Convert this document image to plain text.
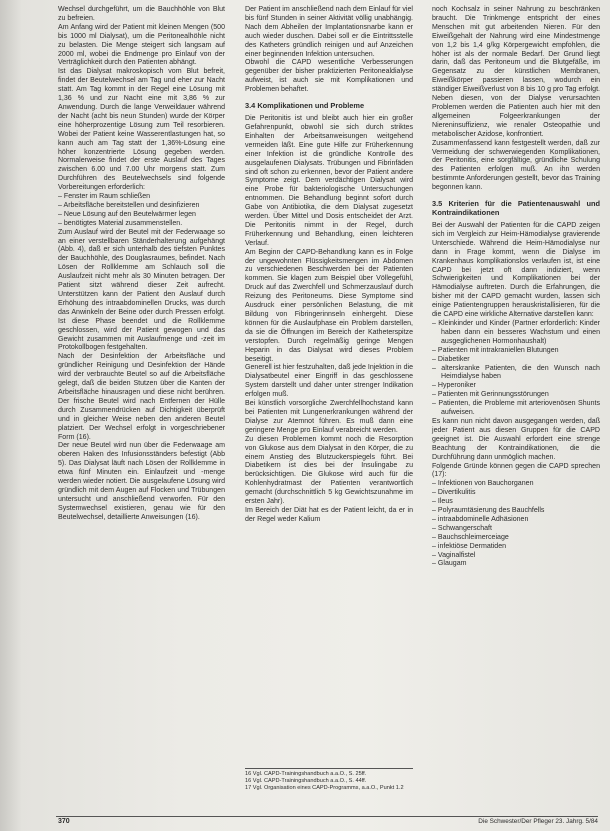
Wechsel durchgeführt, um die Bauchhöhle von Blut zu befreien.

Am Anfang wird der Patient mit kleinen Mengen (500 bis 1000 ml Dialysat), um die Peritonealhöhle nicht zu belasten. Die Menge steigert sich langsam auf 2000 ml, wobei die Endmenge pro Einlauf von der Verträglichkeit durch den Patienten abhängt.

Ist das Dialysat makroskopisch vom Blut befreit, findet der Beutelwechsel am Tag und eher zur Nacht statt. Am Tag kommt in der Regel eine Lösung mit 1,36 % und zur Nacht eine mit 3,86 % zur Anwendung. Durch die lange Verweildauer während der Nacht (acht bis neun Stunden) wurde der Körper eine höherprozentige Lösung zum Teil resorbieren. Wobei der Patient keine Wasserentlastungen hat, so kann auch am Tag statt der 1,36%-Lösung eine höher konzentrierte Lösung gegeben werden. Normalerweise findet der erste Auslauf des Tages zwischen 6.00 und 7.00 Uhr morgens statt. Zum Durchführen des Beutelwechsels sind folgende Vorbereitungen erforderlich:

– Fenster im Raum schließen
– Arbeitsfläche bereitstellen und desinfizieren
– Neue Lösung auf den Beutelwärmer legen
– benötigtes Material zusammenstellen.

Zum Auslauf wird der Beutel mit der Federwaage so an einer verstellbaren Ständerhalterung aufgehängt (Abb. 4), daß er sich unterhalb des tiefsten Punktes der Bauchhöhle, des Douglasraumes, befindet. Nach Lösen der Rollklemme am Schlauch soll die Auslaufzeit nicht mehr als 30 Minuten betragen. Der Patient sitzt während dieser Zeit aufrecht. Unterstützen kann der Patient den Auslauf durch Erhöhung des intraabdominellen Drucks, was durch das Anwinkeln der Beine oder durch Pressen erfolgt. Ist diese Phase beendet und die Rollklemme geschlossen, wird der Patient gewogen und das Gewicht zusammen mit Auslaufmenge und -zeit im Protokollbogen festgehalten.

Nach der Desinfektion der Arbeitsfläche und gründlicher Reinigung und Desinfektion der Hände wird der verbrauchte Beutel so auf die Arbeitsfläche gelegt, daß die beiden Stutzen über die Kanten der Arbeitsfläche hinausragen und diese nicht berühren. Der frische Beutel wird nach Entfernen der Hülle durch Zusammendrücken auf Dichtigkeit überprüft und in gleicher Weise neben den anderen Beutel platziert. Der Wechsel erfolgt in vorgeschriebener Form (16).

Der neue Beutel wird nun über die Federwaage am oberen Haken des Infusionsständers befestigt (Abb 5). Das Dialysat läuft nach Lösen der Rollklemme in etwa fünf Minuten ein. Einlaufzeit und -menge werden wieder notiert. Die ausgelaufene Lösung wird gründlich mit dem Augen auf Flocken und Trübungen untersucht und anschließend verworfen. Für den Systemwechsel existieren, genau wie für den Beutelwechsel, detaillierte Anweisungen (16).

Der Patient im anschließend nach dem Einlauf für viel bis fünf Stunden in seiner Aktivität völlig unabhängig. Nach dem Abheilen der Implantationsnarbe kann er auch wieder duschen. Dabei soll er die Eintrittsstelle des Katheters gründlich reinigen und auf Anzeichen einer beginnenden Infektion untersuchen.

Obwohl die CAPD wesentliche Verbesserungen gegenüber der bisher praktizierten Peritonealdialyse aufweist, ist auch sie mit Komplikationen und Problemen behaftet.

3.4 Komplikationen und Probleme

Die Peritonitis ist und bleibt auch hier ein großer Gefahrenpunkt, obwohl sie sich durch striktes Einhalten der Arbeitsanweisungen weitgehend vermeiden läßt. Eine gute Hilfe zur Früherkennung einer Infektion ist die gründliche Kontrolle des ausgelaufenen Dialysats. Trübungen und Fibrinfäden sind oft schon zu erkennen, bevor der Patient andere Symptome zeigt. Dem verdächtigen Dialysat wird eine Probe für bakteriologische Untersuchungen entnommen. Die Behandlung beginnt sofort durch Gabe von Antibiotika, die dem Dialysat zugesetzt werden. Über Mittel und Dosis entscheidet der Arzt. Die Peritonitis nimmt in der Regel, durch Früherkennung und Behandlung, einen leichteren Verlauf.

Am Beginn der CAPD-Behandlung kann es in Folge der ungewohnten Flüssigkeitsmengen im Abdomen zu verschiedenen Beschwerden bei der Patienten kommen. Sie klagen zum Beispiel über Völlegefühl, Druck auf das Zwerchfell und Schmerzauslauf durch Reizung des Peritoneums. Diese Symptome sind Ausdruck einer persönlichen Belastung, die mit Bildung von Fibringerinnseln einhergeht. Diese können für die Auslaufphase ein Problem darstellen, da sie die Öffnungen im Bereich der Katheterspitze verstopfen. Durch regelmäßig geringe Mengen Heparin in das Dialysat wird dieses Problem beseitigt.

Generell ist hier festzuhalten, daß jede Injektion in die Dialysatbeutel einer Eingriff in das geschlossene System darstellt und daher unter strenger Indikation erfolgen muß.

Bei künstlich vorsorgliche Zwerchfellhochstand kann bei Patienten mit Lungenerkrankungen während der Dialyse zur Atemnot führen. Es muß dann eine geringere Menge pro Einlauf verabreicht werden.

Zu diesen Problemen kommt noch die Resorption von Glukose aus dem Dialysat in den Körper, die zu einem Anstieg des Blutzuckerspiegels führt. Bei Diabetikern ist dies bei der Insulingabe zu berücksichtigen. Die Glukose wird auch für die Kohlenhydratmast der Patienten verantwortlich gemacht (durchschnittlich 5 kg Gewichtszunahme im ersten Jahr).

Im Bereich der Diät hat es der Patient leicht, da er in der Regel weder Kalium

noch Kochsalz in seiner Nahrung zu beschränken braucht. Die Trinkmenge entspricht der eines Menschen mit gut arbeitenden Nieren. Für den Eiweißgehalt der Nahrung wird eine Mindestmenge von 1,2 bis 1,4 g/kg Körpergewicht empfohlen, die höher ist als der normale Bedarf. Der Grund liegt darin, daß das Peritoneum und die Blutgefäße, im Gegensatz zu der künstlichen Membranen, Eiweißkörper passieren lassen, wodurch ein ständiger Eiweißverlust von 8 bis 10 g pro Tag erfolgt. Neben diesen, von der Dialyse verursachten Problemen werden die Patienten auch hier mit den allgemeinen Folgeerkrankungen der Niereninsuffizienz, wie renaler Osteopathie und metabolischer Azidose, konfrontiert.

Zusammenfassend kann festgestellt werden, daß zur Vermeidung der schwerwiegenden Komplikationen, der Peritonitis, eine sorgfältige, gründliche Schulung des Patienten erfolgen muß. An ihn werden bestimmte Anforderungen gestellt, bevor das Training begonnen kann.

3.5 Kriterien für die Patientenauswahl und Kontraindikationen

Bei der Auswahl der Patienten für die CAPD zeigen sich im Vergleich zur Heim-Hämodialyse gravierende Unterschiede. Während die Heim-Hämodialyse nur dann in Frage kommt, wenn die Dialyse im Krankenhaus komplikationslos verlaufen ist, ist eine CAPD bei jetzt oft dann indiziert, wenn Schwierigkeiten und Komplikationen bei der Hämodialyse auftreten. Durch die Erfahrungen, die bisher mit der CAPD gemacht wurden, lassen sich einige Patientengruppen herauskristallisieren, für die die CAPD eine wirkliche Alternative darstellen kann:

– Kleinkinder und Kinder (Partner erforderlich: Kinder haben dann ein besseres Wachstum und einen ausgeglichenen Hormonhaushalt)
– Patienten mit intrakraniellen Blutungen
– Diabetiker
– alterskranke Patienten, die den Wunsch nach Heimdialyse haben
– Hyperoniker
– Patienten mit Gerinnungsstörungen
– Patienten, die Probleme mit arteriovenösen Shunts aufweisen.

Es kann nun nicht davon ausgegangen werden, daß jeder Patient aus diesen Gruppen für die CAPD geeignet ist. Die Auswahl erfordert eine strenge Beachtung der Kontraindikationen, die die Durchführung dann unmöglich machen.

Folgende Gründe können gegen die CAPD sprechen (17):

– Infektionen von Bauchorganen
– Divertikulitis
– Ileus
– Polyraumtäsierung des Bauchfells
– intraabdominelle Adhäsionen
– Schwangerschaft
– Bauchschleimerceiage
– infektiöse Dermatiden
– Vaginalfistel
– Glaugam
16 Vgl. CAPD-Trainingshandbuch a.a.O., S. 25ff.
16 Vgl. CAPD-Trainingshandbuch a.a.O., S. 44ff.
17 Vgl. Organisation eines CAPD-Programms, a.a.O., Punkt 1.2
370	Die Schwester/Der Pfleger 23. Jahrg. 5/84
